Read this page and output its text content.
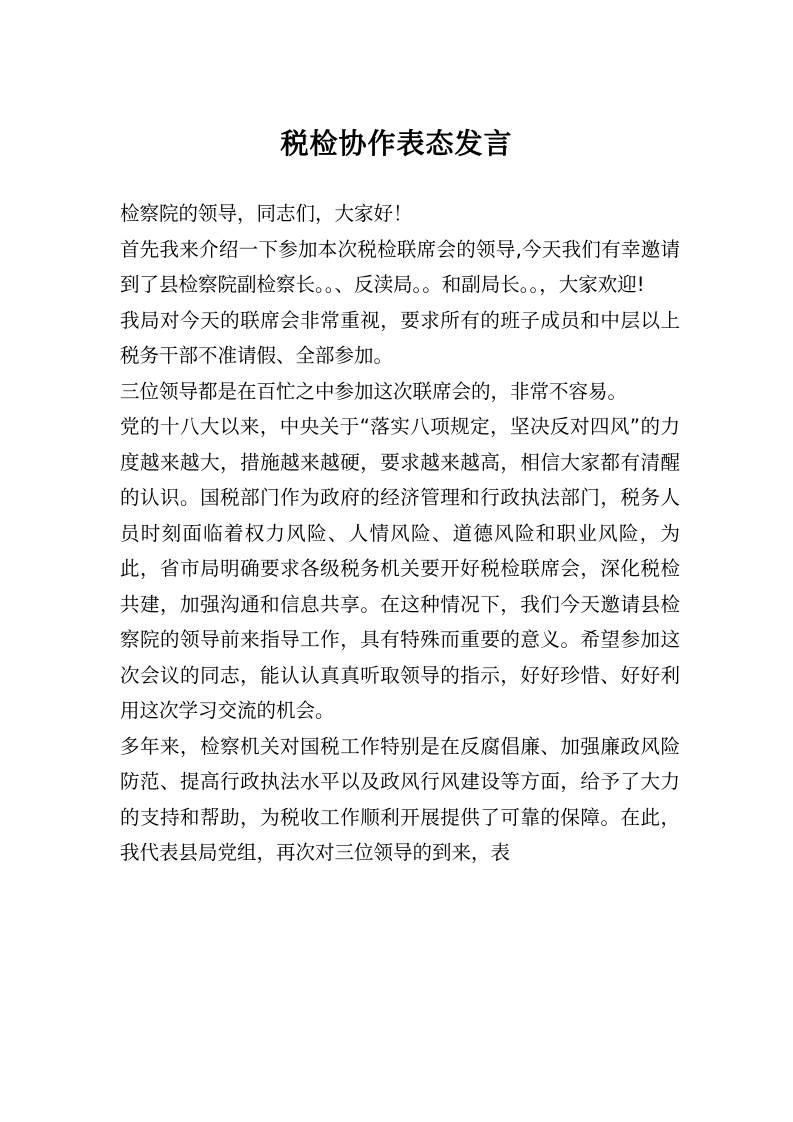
税检协作表态发言

检察院的领导，同志们，大家好！

首先我来介绍一下参加本次税检联席会的领导,今天我们有幸邀请到了县检察院副检察长。。、反渎局。。和副局长。。，大家欢迎!

我局对今天的联席会非常重视，要求所有的班子成员和中层以上税务干部不准请假、全部参加。

三位领导都是在百忙之中参加这次联席会的，非常不容易。

党的十八大以来，中央关于“落实八项规定，坚决反对四风”的力度越来越大，措施越来越硬，要求越来越高，相信大家都有清醒的认识。国税部门作为政府的经济管理和行政执法部门，税务人员时刻面临着权力风险、人情风险、道德风险和职业风险，为此，省市局明确要求各级税务机关要开好税检联席会，深化税检共建，加强沟通和信息共享。在这种情况下，我们今天邀请县检察院的领导前来指导工作，具有特殊而重要的意义。希望参加这次会议的同志，能认认真真听取领导的指示，好好珍惜、好好利用这次学习交流的机会。

多年来，检察机关对国税工作特别是在反腐倡廉、加强廉政风险防范、提高行政执法水平以及政风行风建设等方面，给予了大力的支持和帮助，为税收工作顺利开展提供了可靠的保障。在此，我代表县局党组，再次对三位领导的到来，表
